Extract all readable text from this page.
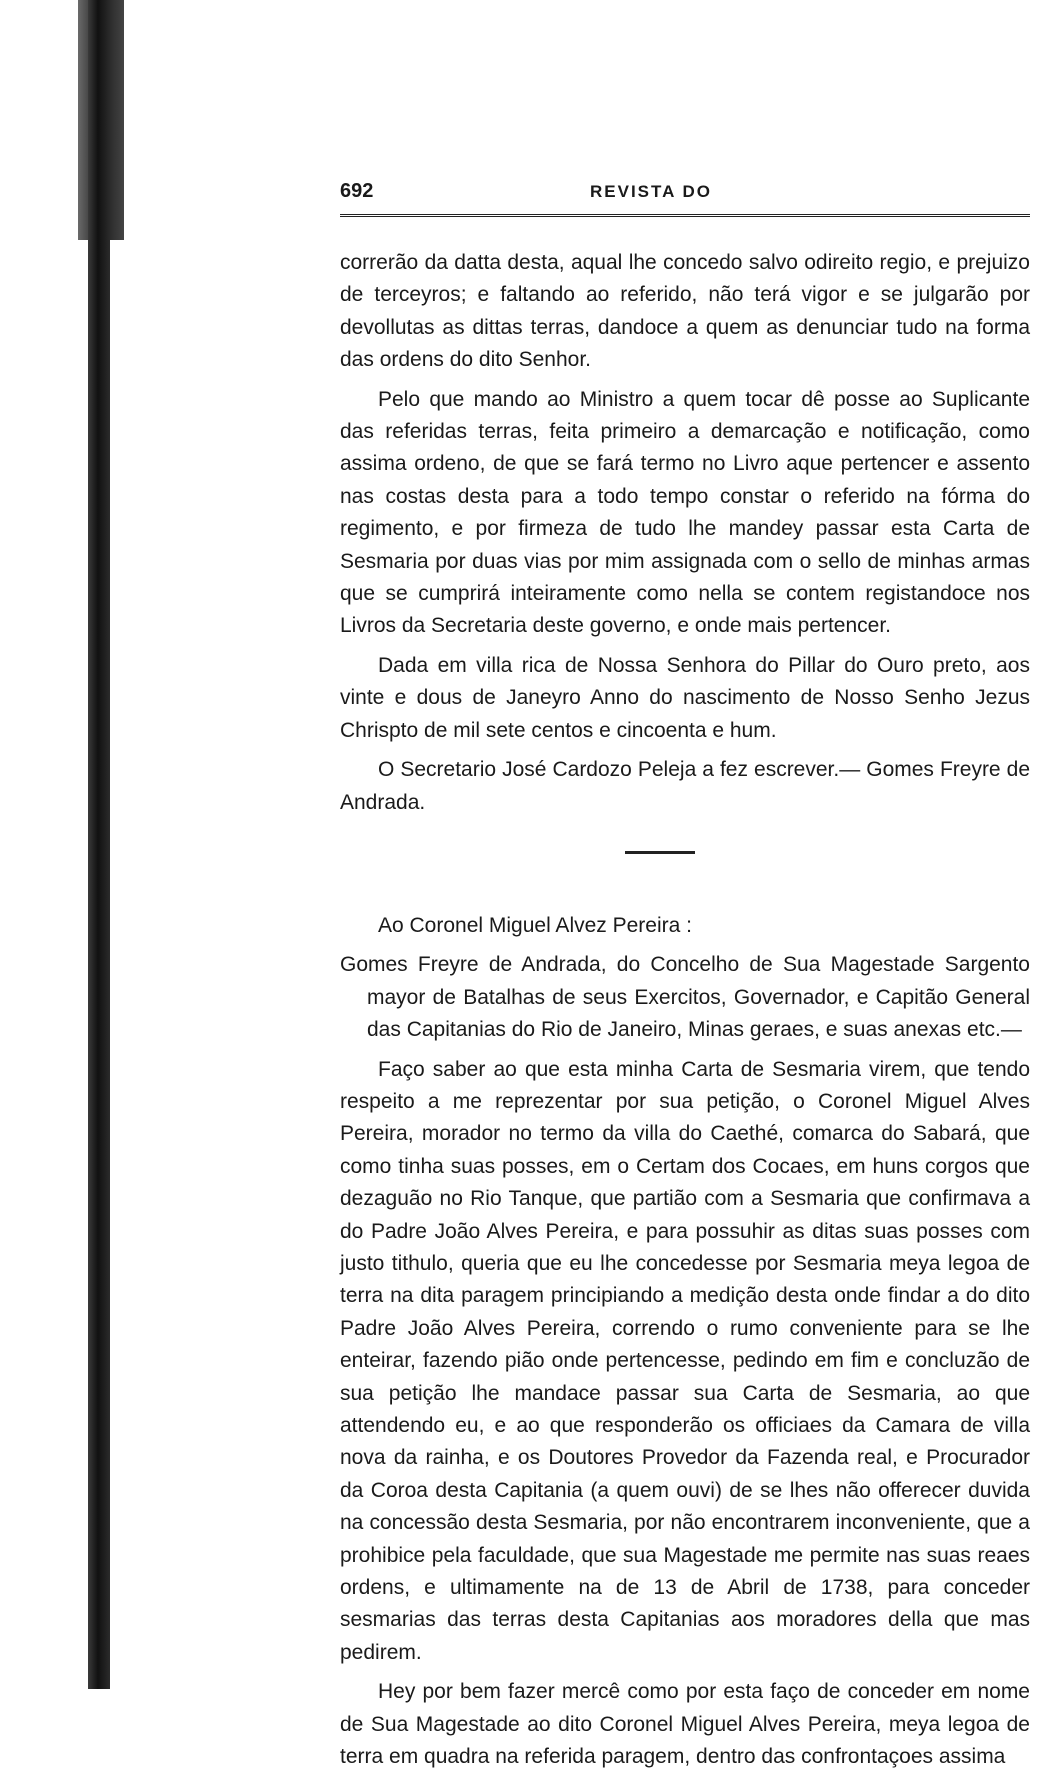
692	REVISTA DO

correrão da datta desta, aqual lhe concedo salvo odireito regio, e prejuizo de terceyros; e faltando ao referido, não terá vigor e se julgarão por devollutas as dittas terras, dandoce a quem as denunciar tudo na forma das ordens do dito Senhor.

Pelo que mando ao Ministro a quem tocar dê posse ao Suplicante das referidas terras, feita primeiro a demarcação e notificação, como assima ordeno, de que se fará termo no Livro aque pertencer e assento nas costas desta para a todo tempo constar o referido na fórma do regimento, e por firmeza de tudo lhe mandey passar esta Carta de Sesmaria por duas vias por mim assignada com o sello de minhas armas que se cumprirá inteiramente como nella se contem registandoce nos Livros da Secretaria deste governo, e onde mais pertencer.

Dada em villa rica de Nossa Senhora do Pillar do Ouro preto, aos vinte e dous de Janeyro Anno do nascimento de Nosso Senho Jezus Chrispto de mil sete centos e cincoenta e hum.

O Secretario José Cardozo Peleja a fez escrever.— Gomes Freyre de Andrada.

Ao Coronel Miguel Alvez Pereira :

Gomes Freyre de Andrada, do Concelho de Sua Magestade Sargento mayor de Batalhas de seus Exercitos, Governador, e Capitão General das Capitanias do Rio de Janeiro, Minas geraes, e suas anexas etc.—

Faço saber ao que esta minha Carta de Sesmaria virem, que tendo respeito a me reprezentar por sua petição, o Coronel Miguel Alves Pereira, morador no termo da villa do Caethé, comarca do Sabará, que como tinha suas posses, em o Certam dos Cocaes, em huns corgos que dezaguão no Rio Tanque, que partião com a Sesmaria que confirmava a do Padre João Alves Pereira, e para possuhir as ditas suas posses com justo tithulo, queria que eu lhe concedesse por Sesmaria meya legoa de terra na dita paragem principiando a medição desta onde findar a do dito Padre João Alves Pereira, correndo o rumo conveniente para se lhe enteirar, fazendo pião onde pertencesse, pedindo em fim e concluzão de sua petição lhe mandace passar sua Carta de Sesmaria, ao que attendendo eu, e ao que responderão os officiaes da Camara de villa nova da rainha, e os Doutores Provedor da Fazenda real, e Procurador da Coroa desta Capitania (a quem ouvi) de se lhes não offerecer duvida na concessão desta Sesmaria, por não encontrarem inconveniente, que a prohibice pela faculdade, que sua Magestade me permite nas suas reaes ordens, e ultimamente na de 13 de Abril de 1738, para conceder sesmarias das terras desta Capitanias aos moradores della que mas pedirem.

Hey por bem fazer mercê como por esta faço de conceder em nome de Sua Magestade ao dito Coronel Miguel Alves Pereira, meya legoa de terra em quadra na referida paragem, dentro das confrontaçoes assima
